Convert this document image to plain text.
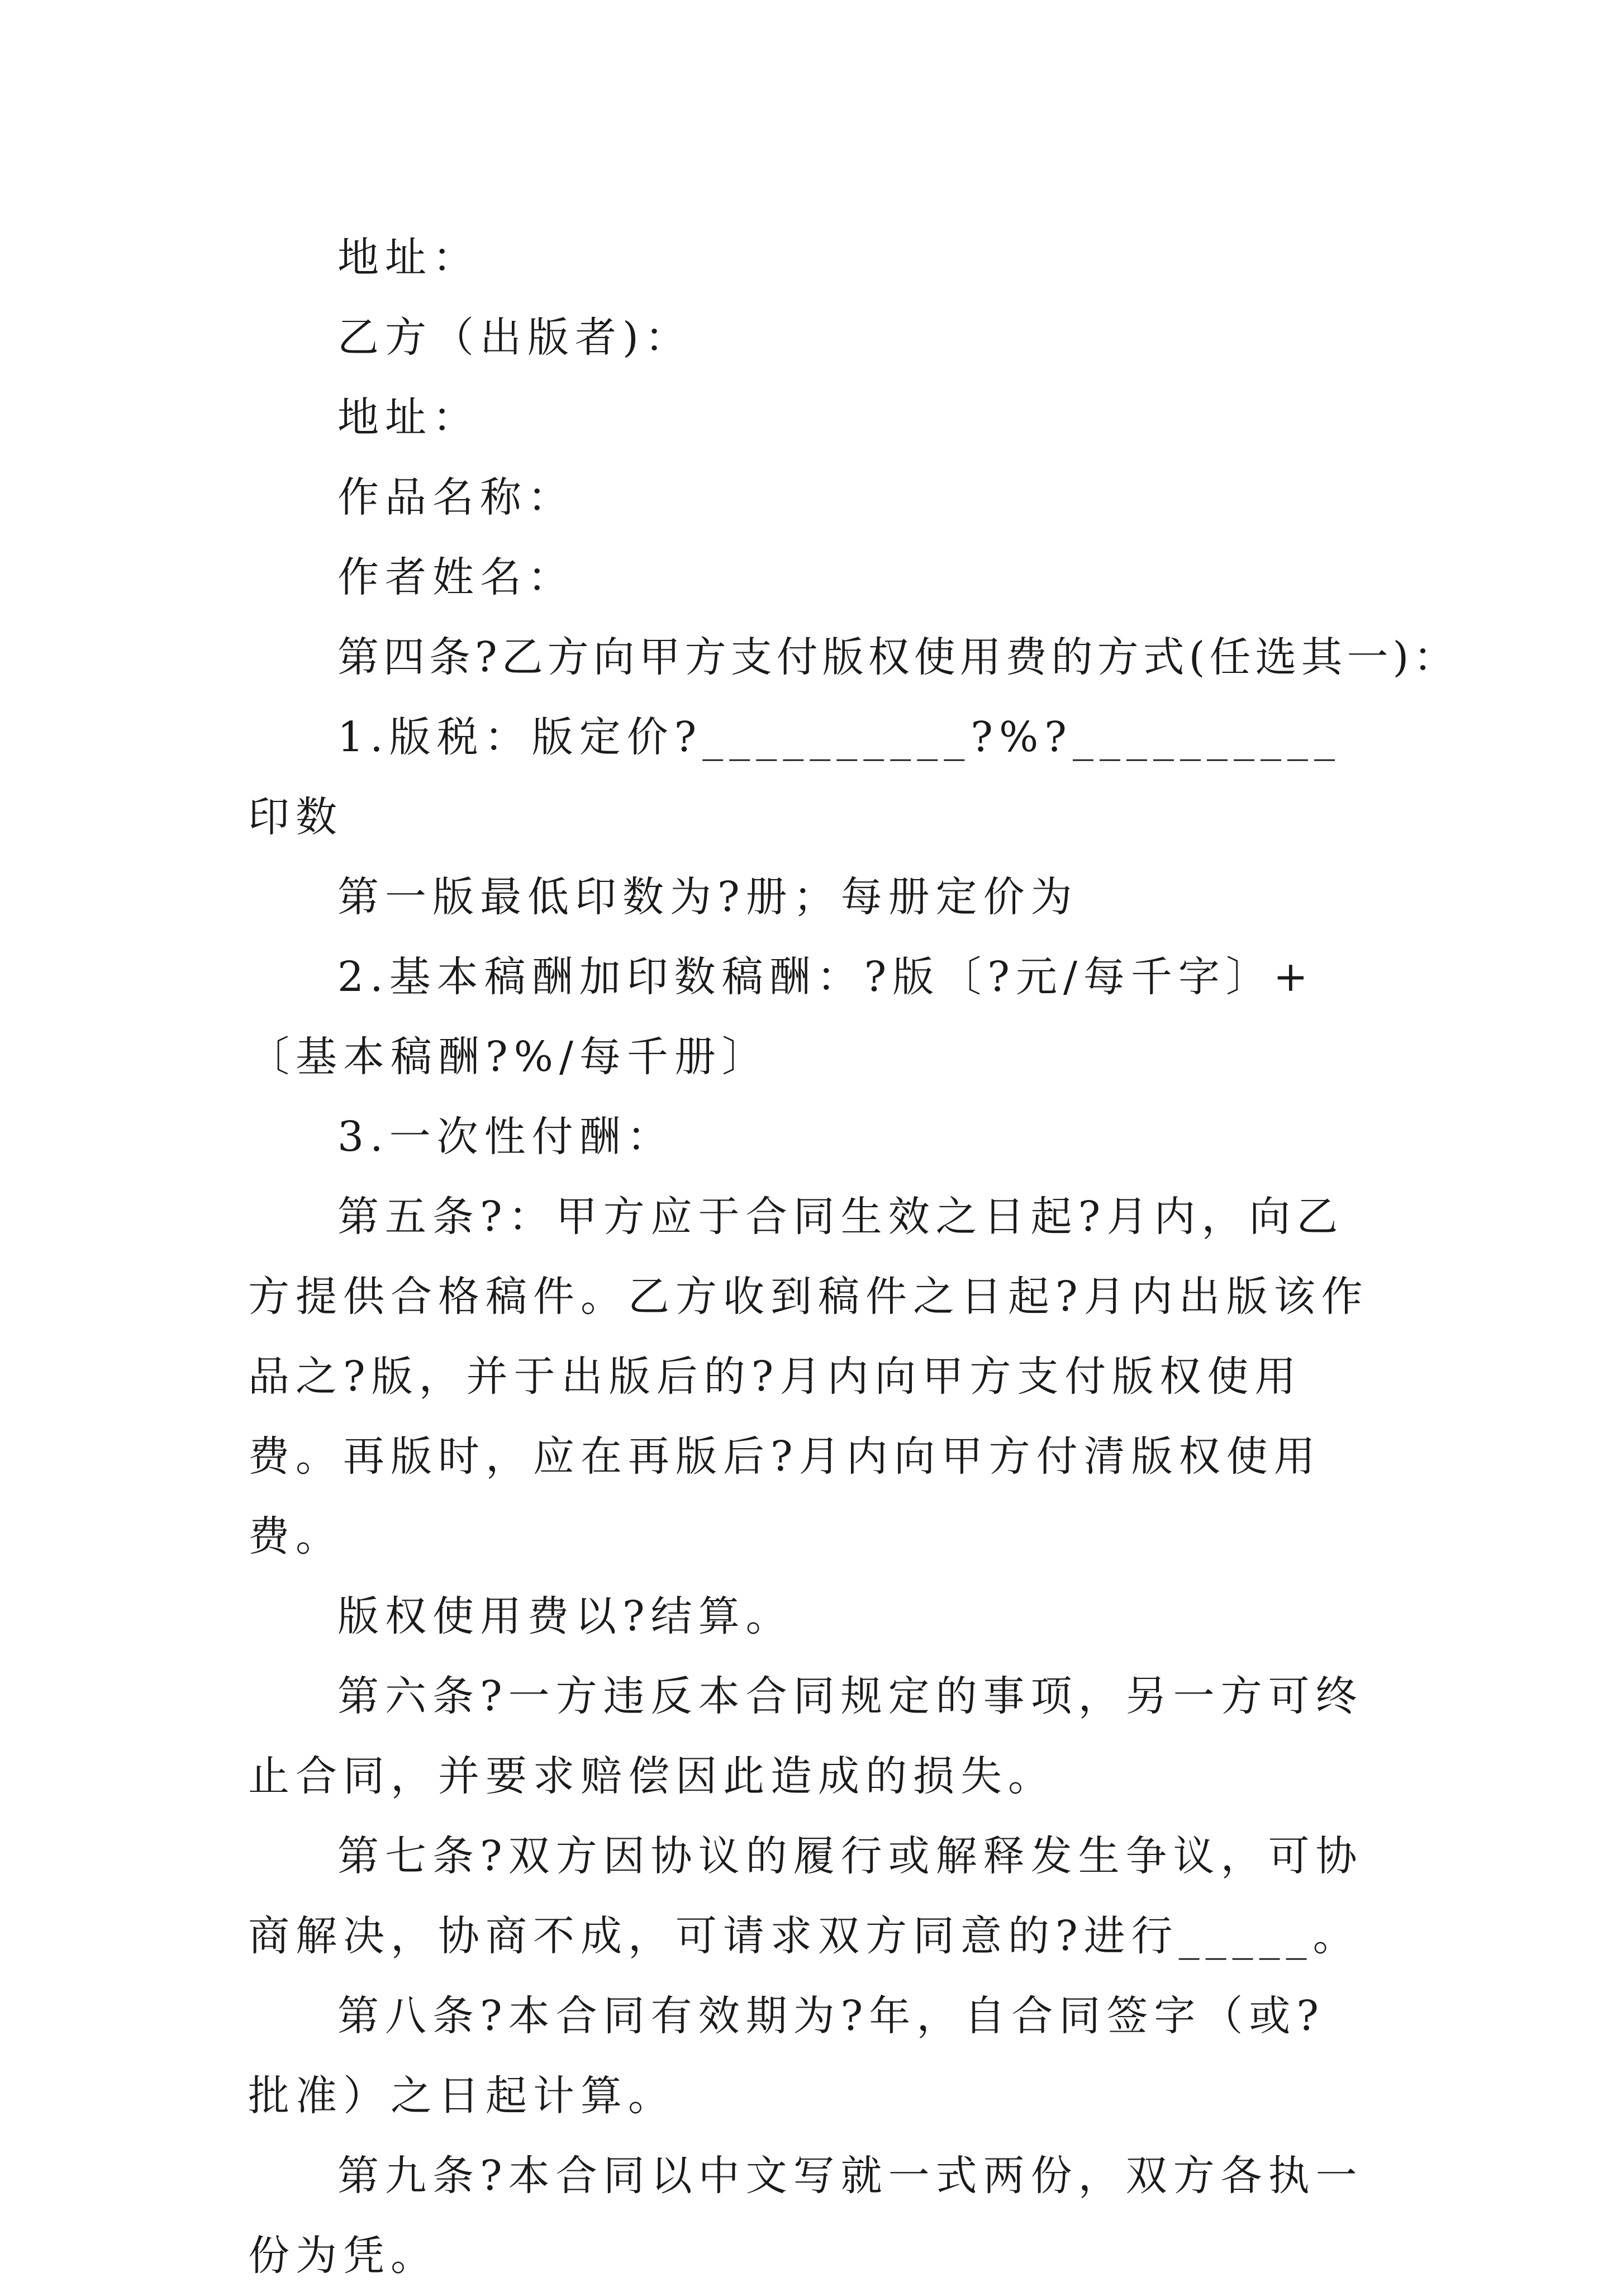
地址：

乙方（出版者)：

地址：

作品名称：

作者姓名：

第四条?乙方向甲方支付版权使用费的方式(任选其一)：

1.版税：版定价?__________?%?__________印数

第一版最低印数为?册；每册定价为

2.基本稿酬加印数稿酬：?版〔?元/每千字〕+〔基本稿酬?%/每千册〕

3.一次性付酬：

第五条?：甲方应于合同生效之日起?月内，向乙方提供合格稿件。乙方收到稿件之日起?月内出版该作品之?版，并于出版后的?月内向甲方支付版权使用费。再版时，应在再版后?月内向甲方付清版权使用费。

版权使用费以?结算。

第六条?一方违反本合同规定的事项，另一方可终止合同，并要求赔偿因此造成的损失。

第七条?双方因协议的履行或解释发生争议，可协商解决，协商不成，可请求双方同意的?进行_____。

第八条?本合同有效期为?年，自合同签字（或?批准）之日起计算。

第九条?本合同以中文写就一式两份，双方各执一份为凭。
